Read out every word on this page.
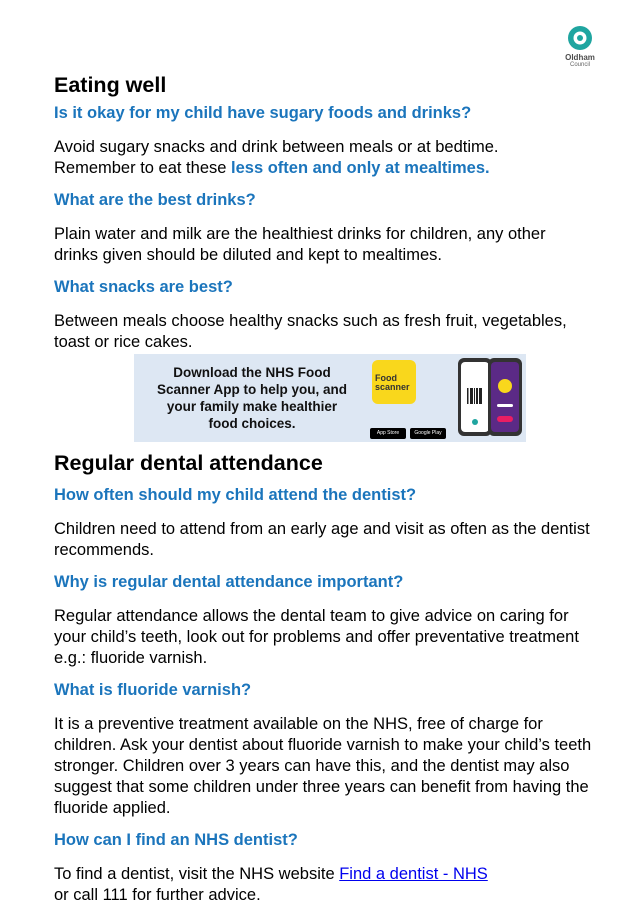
Oldham
Council
Eating well
Is it okay for my child have sugary foods and drinks?

Avoid sugary snacks and drink between meals or at bedtime.
Remember to eat these less often and only at mealtimes.

What are the best drinks?

Plain water and milk are the healthiest drinks for children, any other drinks given should be diluted and kept to mealtimes.

What snacks are best?

Between meals choose healthy snacks such as fresh fruit, vegetables, toast or rice cakes.

Download the NHS Food Scanner App to help you, and your family make healthier food choices.
Food scanner
App Store	Google Play
Regular dental attendance
How often should my child attend the dentist?

Children need to attend from an early age and visit as often as the dentist recommends.

Why is regular dental attendance important?

Regular attendance allows the dental team to give advice on caring for your child’s teeth, look out for problems and offer preventative treatment e.g.: fluoride varnish.

What is fluoride varnish?

It is a preventive treatment available on the NHS, free of charge for children. Ask your dentist about fluoride varnish to make your child’s teeth stronger. Children over 3 years can have this, and the dentist may also suggest that some children under three years can benefit from having the fluoride applied.

How can I find an NHS dentist?

To find a dentist, visit the NHS website Find a dentist - NHS
or call 111 for further advice.
